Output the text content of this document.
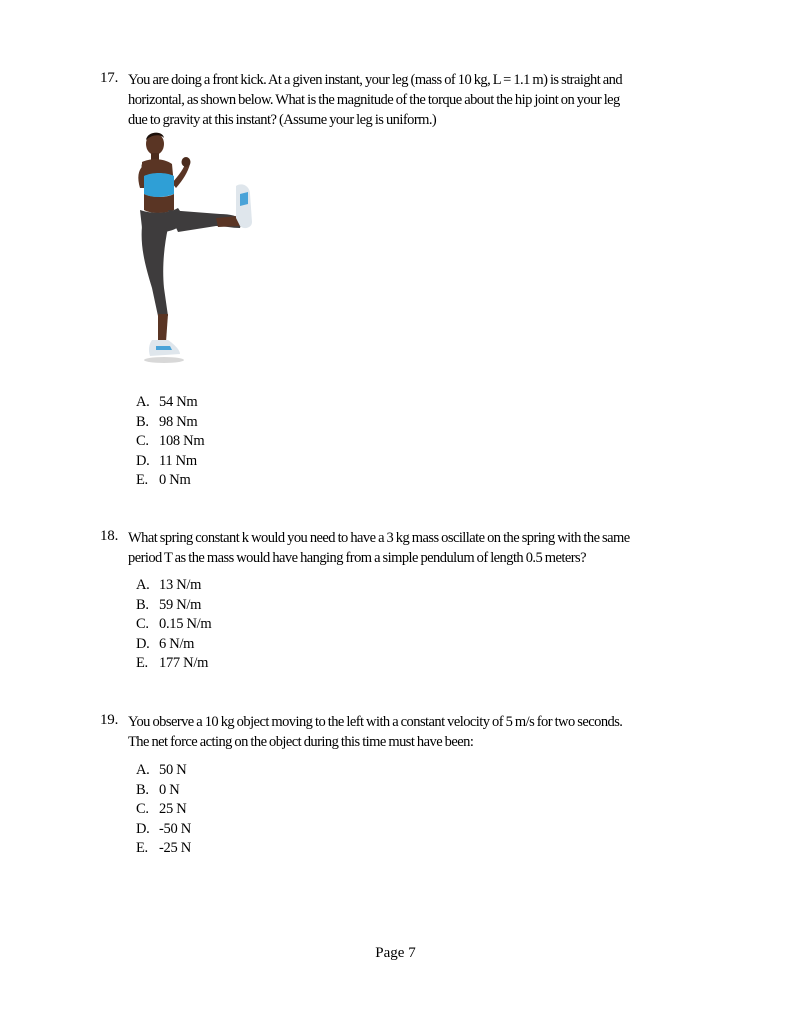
17. You are doing a front kick. At a given instant, your leg (mass of 10 kg, L = 1.1 m) is straight and
horizontal, as shown below. What is the magnitude of the torque about the hip joint on your leg
due to gravity at this instant? (Assume your leg is uniform.)
A. 54 Nm
B. 98 Nm
C. 108 Nm
D. 11 Nm
E. 0 Nm
18. What spring constant k would you need to have a 3 kg mass oscillate on the spring with the same
period T as the mass would have hanging from a simple pendulum of length 0.5 meters?
A. 13 N/m
B. 59 N/m
C. 0.15 N/m
D. 6 N/m
E. 177 N/m
19. You observe a 10 kg object moving to the left with a constant velocity of 5 m/s for two seconds.
The net force acting on the object during this time must have been:
A. 50 N
B. 0 N
C. 25 N
D. -50 N
E. -25 N
Page 7
